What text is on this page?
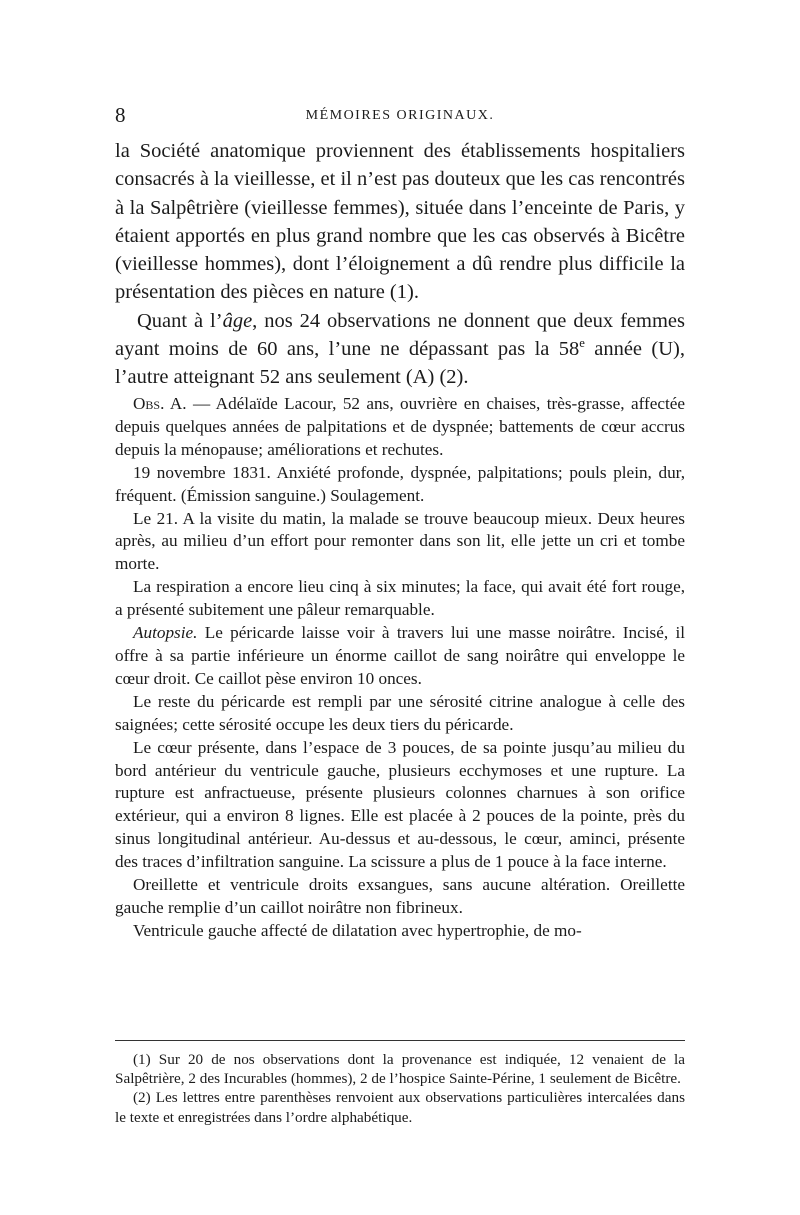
8	MÉMOIRES ORIGINAUX.

la Société anatomique proviennent des établissements hospitaliers consacrés à la vieillesse, et il n’est pas douteux que les cas rencontrés à la Salpêtrière (vieillesse femmes), située dans l’enceinte de Paris, y étaient apportés en plus grand nombre que les cas observés à Bicêtre (vieillesse hommes), dont l’éloignement a dû rendre plus difficile la présentation des pièces en nature (1).

Quant à l’âge, nos 24 observations ne donnent que deux femmes ayant moins de 60 ans, l’une ne dépassant pas la 58e année (U), l’autre atteignant 52 ans seulement (A) (2).

Obs. A. — Adélaïde Lacour, 52 ans, ouvrière en chaises, très-grasse, affectée depuis quelques années de palpitations et de dyspnée; battements de cœur accrus depuis la ménopause; améliorations et rechutes.

19 novembre 1831. Anxiété profonde, dyspnée, palpitations; pouls plein, dur, fréquent. (Émission sanguine.) Soulagement.

Le 21. A la visite du matin, la malade se trouve beaucoup mieux. Deux heures après, au milieu d’un effort pour remonter dans son lit, elle jette un cri et tombe morte.

La respiration a encore lieu cinq à six minutes; la face, qui avait été fort rouge, a présenté subitement une pâleur remarquable.

Autopsie. Le péricarde laisse voir à travers lui une masse noirâtre. Incisé, il offre à sa partie inférieure un énorme caillot de sang noirâtre qui enveloppe le cœur droit. Ce caillot pèse environ 10 onces.

Le reste du péricarde est rempli par une sérosité citrine analogue à celle des saignées; cette sérosité occupe les deux tiers du péricarde.

Le cœur présente, dans l’espace de 3 pouces, de sa pointe jusqu’au milieu du bord antérieur du ventricule gauche, plusieurs ecchymoses et une rupture. La rupture est anfractueuse, présente plusieurs colonnes charnues à son orifice extérieur, qui a environ 8 lignes. Elle est placée à 2 pouces de la pointe, près du sinus longitudinal antérieur. Au-dessus et au-dessous, le cœur, aminci, présente des traces d’infiltration sanguine. La scissure a plus de 1 pouce à la face interne.

Oreillette et ventricule droits exsangues, sans aucune altération. Oreillette gauche remplie d’un caillot noirâtre non fibrineux.

Ventricule gauche affecté de dilatation avec hypertrophie, de mo-

(1) Sur 20 de nos observations dont la provenance est indiquée, 12 venaient de la Salpêtrière, 2 des Incurables (hommes), 2 de l’hospice Sainte-Périne, 1 seulement de Bicêtre.

(2) Les lettres entre parenthèses renvoient aux observations particulières intercalées dans le texte et enregistrées dans l’ordre alphabétique.
